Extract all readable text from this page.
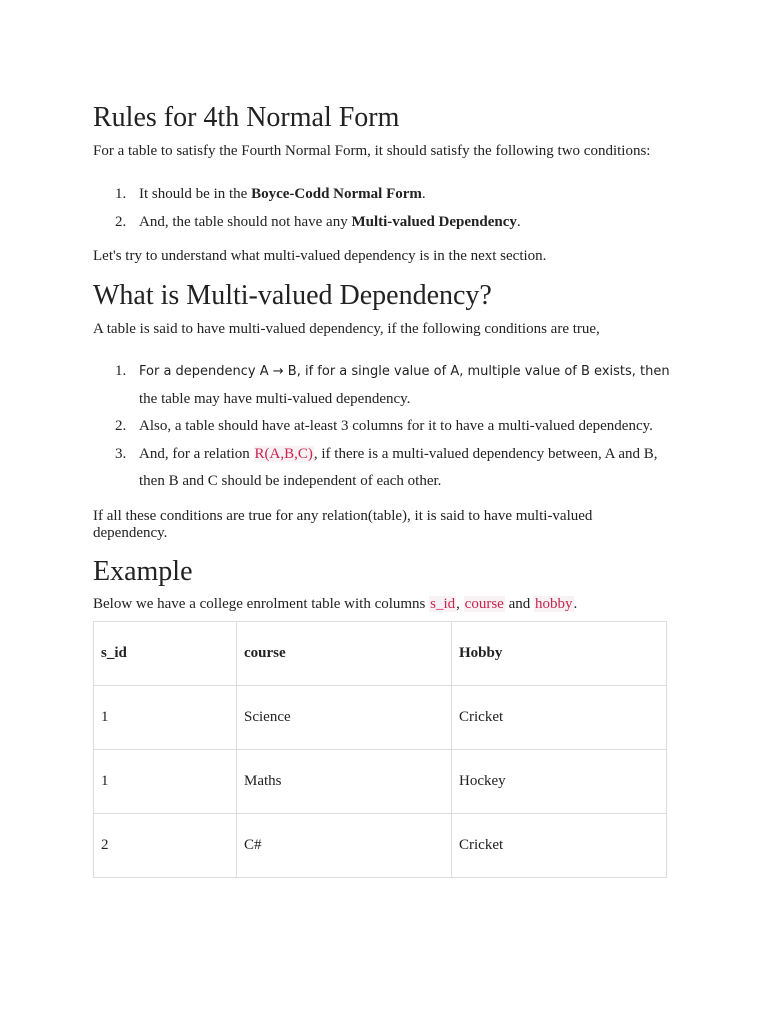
Rules for 4th Normal Form

For a table to satisfy the Fourth Normal Form, it should satisfy the following two conditions:

1. It should be in the Boyce-Codd Normal Form.
2. And, the table should not have any Multi-valued Dependency.

Let's try to understand what multi-valued dependency is in the next section.

What is Multi-valued Dependency?

A table is said to have multi-valued dependency, if the following conditions are true,

1. For a dependency A → B, if for a single value of A, multiple value of B exists, then
the table may have multi-valued dependency.
2. Also, a table should have at-least 3 columns for it to have a multi-valued dependency.
3. And, for a relation R(A,B,C), if there is a multi-valued dependency between, A and B,
then B and C should be independent of each other.

If all these conditions are true for any relation(table), it is said to have multi-valued dependency.

Example

Below we have a college enrolment table with columns s_id, course and hobby.

s_id	course	Hobby
1	Science	Cricket
1	Maths	Hockey
2	C#	Cricket
